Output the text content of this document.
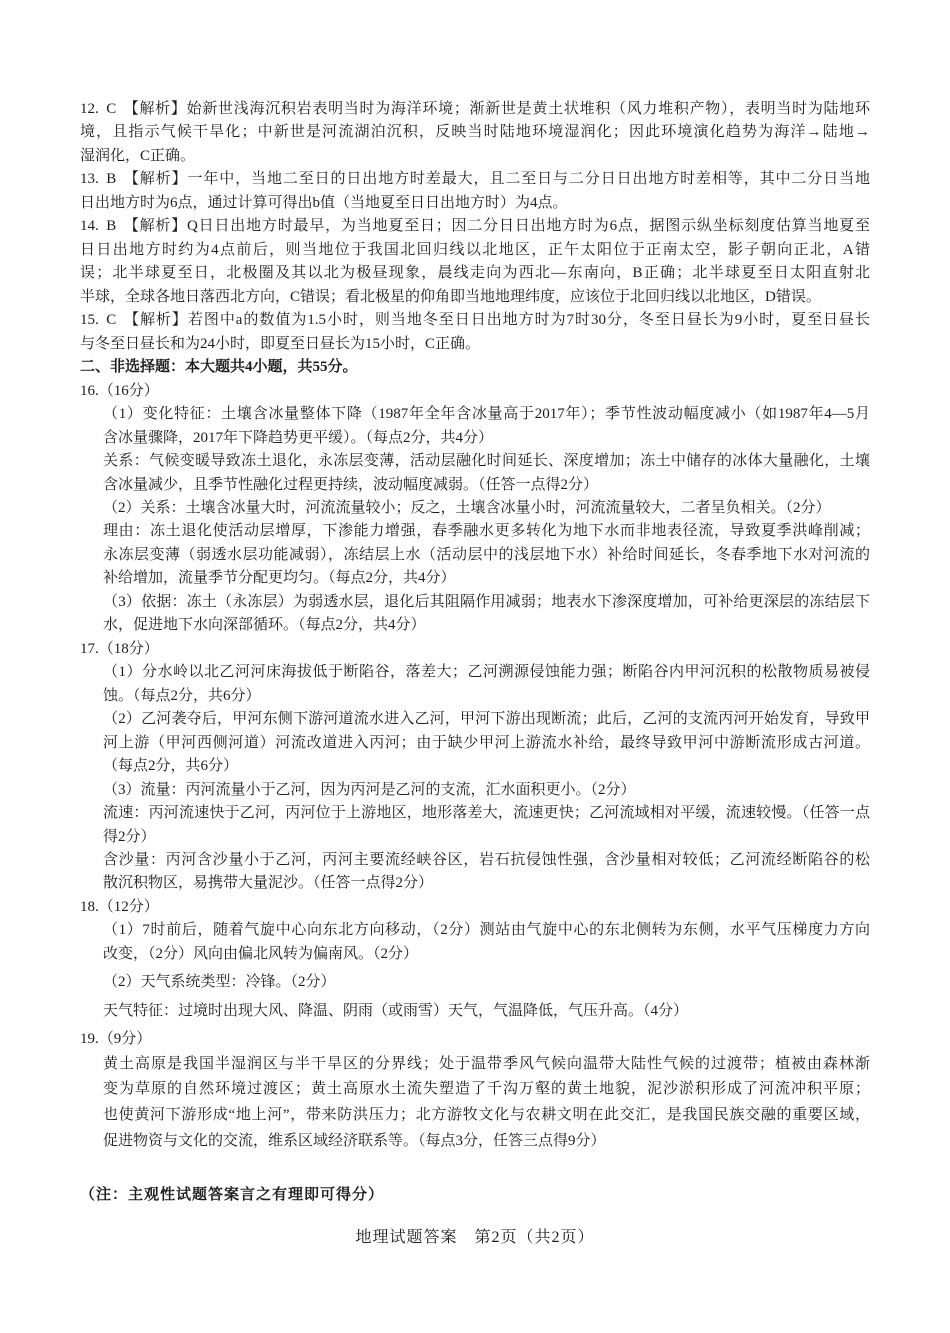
12. C 【解析】始新世浅海沉积岩表明当时为海洋环境；渐新世是黄土状堆积（风力堆积产物），表明当时为陆地环
境，且指示气候干旱化；中新世是河流湖泊沉积，反映当时陆地环境湿润化；因此环境演化趋势为海洋→陆地→
湿润化，C正确。
13. B 【解析】一年中，当地二至日的日出地方时差最大，且二至日与二分日日出地方时差相等，其中二分日当地
日出地方时为6点，通过计算可得出b值（当地夏至日日出地方时）为4点。
14. B 【解析】Q日日出地方时最早，为当地夏至日；因二分日日出地方时为6点，据图示纵坐标刻度估算当地夏至
日日出地方时约为4点前后，则当地位于我国北回归线以北地区，正午太阳位于正南太空，影子朝向正北，A错
误；北半球夏至日，北极圈及其以北为极昼现象，晨线走向为西北—东南向，B正确；北半球夏至日太阳直射北
半球，全球各地日落西北方向，C错误；看北极星的仰角即当地地理纬度，应该位于北回归线以北地区，D错误。
15. C 【解析】若图中a的数值为1.5小时，则当地冬至日日出地方时为7时30分，冬至日昼长为9小时，夏至日昼长
与冬至日昼长和为24小时，即夏至日昼长为15小时，C正确。
二、非选择题：本大题共4小题，共55分。
16.（16分）
（1）变化特征：土壤含冰量整体下降（1987年全年含冰量高于2017年）；季节性波动幅度减小（如1987年4—5月
含冰量骤降，2017年下降趋势更平缓）。（每点2分，共4分）
关系：气候变暖导致冻土退化，永冻层变薄，活动层融化时间延长、深度增加；冻土中储存的冰体大量融化，土壤
含冰量减少，且季节性融化过程更持续，波动幅度减弱。（任答一点得2分）
（2）关系：土壤含冰量大时，河流流量较小；反之，土壤含冰量小时，河流流量较大，二者呈负相关。（2分）
理由：冻土退化使活动层增厚，下渗能力增强，春季融水更多转化为地下水而非地表径流，导致夏季洪峰削减；
永冻层变薄（弱透水层功能减弱），冻结层上水（活动层中的浅层地下水）补给时间延长，冬春季地下水对河流的
补给增加，流量季节分配更均匀。（每点2分，共4分）
（3）依据：冻土（永冻层）为弱透水层，退化后其阻隔作用减弱；地表水下渗深度增加，可补给更深层的冻结层下
水，促进地下水向深部循环。（每点2分，共4分）
17.（18分）
（1）分水岭以北乙河河床海拔低于断陷谷，落差大；乙河溯源侵蚀能力强；断陷谷内甲河沉积的松散物质易被侵
蚀。（每点2分，共6分）
（2）乙河袭夺后，甲河东侧下游河道流水进入乙河，甲河下游出现断流；此后，乙河的支流丙河开始发育，导致甲
河上游（甲河西侧河道）河流改道进入丙河；由于缺少甲河上游流水补给，最终导致甲河中游断流形成古河道。
（每点2分，共6分）
（3）流量：丙河流量小于乙河，因为丙河是乙河的支流，汇水面积更小。（2分）
流速：丙河流速快于乙河，丙河位于上游地区，地形落差大，流速更快；乙河流域相对平缓，流速较慢。（任答一点
得2分）
含沙量：丙河含沙量小于乙河，丙河主要流经峡谷区，岩石抗侵蚀性强，含沙量相对较低；乙河流经断陷谷的松
散沉积物区，易携带大量泥沙。（任答一点得2分）
18.（12分）
（1）7时前后，随着气旋中心向东北方向移动，（2分）测站由气旋中心的东北侧转为东侧，水平气压梯度力方向
改变，（2分）风向由偏北风转为偏南风。（2分）
（2）天气系统类型：冷锋。（2分）
天气特征：过境时出现大风、降温、阴雨（或雨雪）天气，气温降低，气压升高。（4分）
19.（9分）
黄土高原是我国半湿润区与半干旱区的分界线；处于温带季风气候向温带大陆性气候的过渡带；植被由森林渐
变为草原的自然环境过渡区；黄土高原水土流失塑造了千沟万壑的黄土地貌，泥沙淤积形成了河流冲积平原；
也使黄河下游形成“地上河”，带来防洪压力；北方游牧文化与农耕文明在此交汇，是我国民族交融的重要区域，
促进物资与文化的交流，维系区域经济联系等。（每点3分，任答三点得9分）
（注：主观性试题答案言之有理即可得分）
地理试题答案　第2页（共2页）
